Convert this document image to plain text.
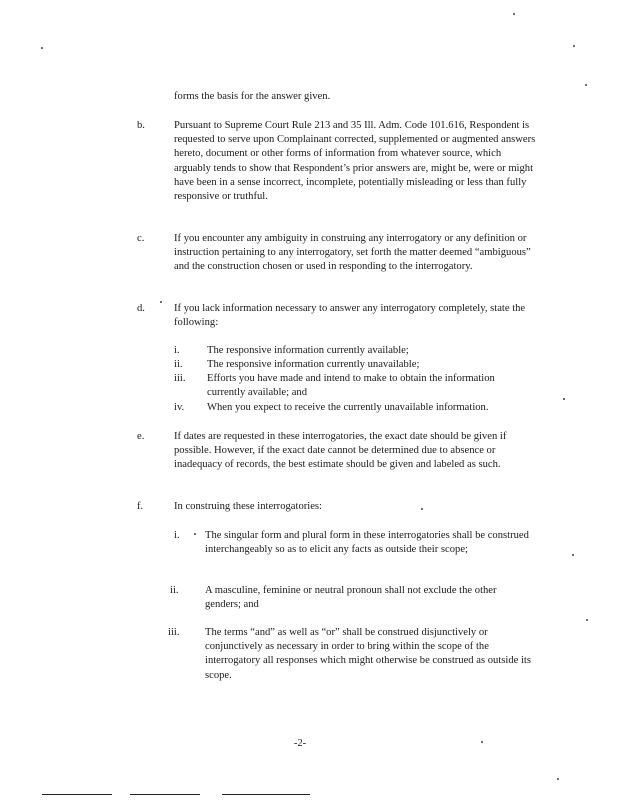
forms the basis for the answer given.

b.	Pursuant to Supreme Court Rule 213 and 35 Ill. Adm. Code 101.616, Respondent is requested to serve upon Complainant corrected, supplemented or augmented answers hereto, document or other forms of information from whatever source, which arguably tends to show that Respondent’s prior answers are, might be, were or might have been in a sense incorrect, incomplete, potentially misleading or less than fully responsive or truthful.

c.	If you encounter any ambiguity in construing any interrogatory or any definition or instruction pertaining to any interrogatory, set forth the matter deemed “ambiguous” and the construction chosen or used in responding to the interrogatory.

d.	If you lack information necessary to answer any interrogatory completely, state the following:

i.	The responsive information currently available;

ii. The responsive information currently unavailable;

iii. Efforts you have made and intend to make to obtain the information currently available; and

iv. When you expect to receive the currently unavailable information.

e.	If dates are requested in these interrogatories, the exact date should be given if possible. However, if the exact date cannot be determined due to absence or inadequacy of records, the best estimate should be given and labeled as such.

f.	In construing these interrogatories:

i. The singular form and plural form in these interrogatories shall be construed interchangeably so as to elicit any facts as outside their scope;

ii. A masculine, feminine or neutral pronoun shall not exclude the other genders; and

iii. The terms “and” as well as “or” shall be construed disjunctively or conjunctively as necessary in order to bring within the scope of the interrogatory all responses which might otherwise be construed as outside its scope.

-2-
